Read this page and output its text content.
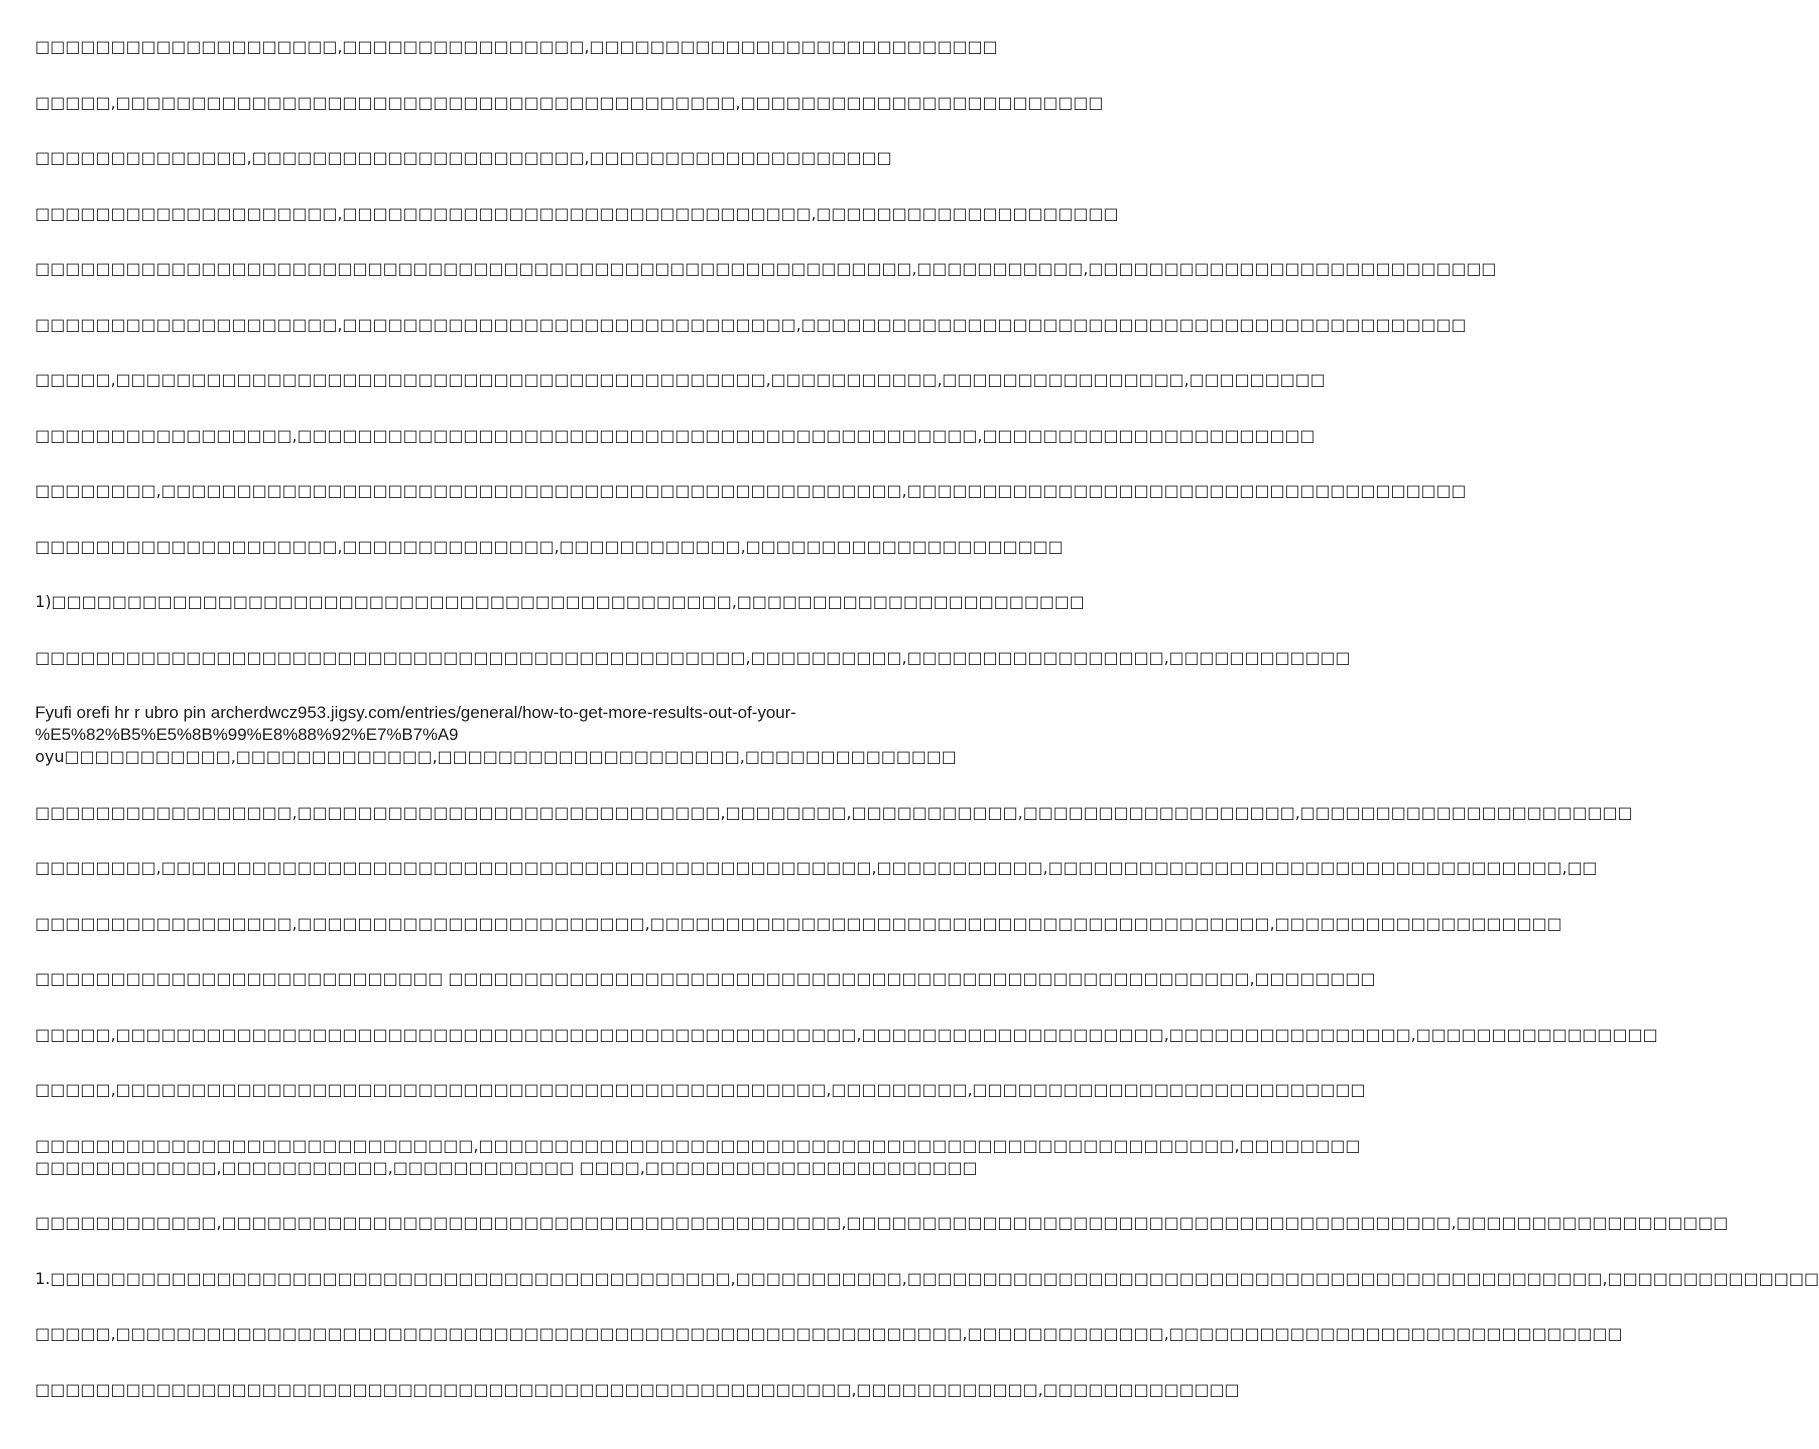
□□□□□□□□□□□□□□□□□□□□,□□□□□□□□□□□□□□□□,□□□□□□□□□□□□□□□□□□□□□□□□□□□
□□□□□,□□□□□□□□□□□□□□□□□□□□□□□□□□□□□□□□□□□□□□□□□,□□□□□□□□□□□□□□□□□□□□□□□□
□□□□□□□□□□□□□□,□□□□□□□□□□□□□□□□□□□□□□,□□□□□□□□□□□□□□□□□□□□
□□□□□□□□□□□□□□□□□□□□,□□□□□□□□□□□□□□□□□□□□□□□□□□□□□□□,□□□□□□□□□□□□□□□□□□□□
□□□□□□□□□□□□□□□□□□□□□□□□□□□□□□□□□□□□□□□□□□□□□□□□□□□□□□□□□□,□□□□□□□□□□□,□□□□□□□□□□□□□□□□□□□□□□□□□□□
□□□□□□□□□□□□□□□□□□□□,□□□□□□□□□□□□□□□□□□□□□□□□□□□□□□,□□□□□□□□□□□□□□□□□□□□□□□□□□□□□□□□□□□□□□□□□□□□
□□□□□,□□□□□□□□□□□□□□□□□□□□□□□□□□□□□□□□□□□□□□□□□□□,□□□□□□□□□□□,□□□□□□□□□□□□□□□□,□□□□□□□□□
□□□□□□□□□□□□□□□□□,□□□□□□□□□□□□□□□□□□□□□□□□□□□□□□□□□□□□□□□□□□□□□,□□□□□□□□□□□□□□□□□□□□□□
□□□□□□□□,□□□□□□□□□□□□□□□□□□□□□□□□□□□□□□□□□□□□□□□□□□□□□□□□□,□□□□□□□□□□□□□□□□□□□□□□□□□□□□□□□□□□□□□
□□□□□□□□□□□□□□□□□□□□,□□□□□□□□□□□□□□,□□□□□□□□□□□□,□□□□□□□□□□□□□□□□□□□□□
1)□□□□□□□□□□□□□□□□□□□□□□□□□□□□□□□□□□□□□□□□□□□□□,□□□□□□□□□□□□□□□□□□□□□□□
□□□□□□□□□□□□□□□□□□□□□□□□□□□□□□□□□□□□□□□□□□□□□□□,□□□□□□□□□□,□□□□□□□□□□□□□□□□□,□□□□□□□□□□□□
Fyufi orefi hr r ubro pin archerdwcz953.jigsy.com/entries/general/how-to-get-more-results-out-of-your-
%E5%82%B5%E5%8B%99%E8%88%92%E7%B7%A9
oyu□□□□□□□□□□□,□□□□□□□□□□□□□,□□□□□□□□□□□□□□□□□□□□,□□□□□□□□□□□□□□
□□□□□□□□□□□□□□□□□,□□□□□□□□□□□□□□□□□□□□□□□□□□□□,□□□□□□□□,□□□□□□□□□□□,□□□□□□□□□□□□□□□□□□,□□□□□□□□□□□□□□□□□□□□□□
□□□□□□□□,□□□□□□□□□□□□□□□□□□□□□□□□□□□□□□□□□□□□□□□□□□□□□□□,□□□□□□□□□□□,□□□□□□□□□□□□□□□□□□□□□□□□□□□□□□□□□□,□□
□□□□□□□□□□□□□□□□□,□□□□□□□□□□□□□□□□□□□□□□□,□□□□□□□□□□□□□□□□□□□□□□□□□□□□□□□□□□□□□□□□□,□□□□□□□□□□□□□□□□□□□
□□□□□□□□□□□□□□□□□□□□□□□□□□□ □□□□□□□□□□□□□□□□□□□□□□□□□□□□□□□□□□□□□□□□□□□□□□□□□□□□□,□□□□□□□□
□□□□□,□□□□□□□□□□□□□□□□□□□□□□□□□□□□□□□□□□□□□□□□□□□□□□□□□,□□□□□□□□□□□□□□□□□□□□,□□□□□□□□□□□□□□□□,□□□□□□□□□□□□□□□□
□□□□□,□□□□□□□□□□□□□□□□□□□□□□□□□□□□□□□□□□□□□□□□□□□□□□□,□□□□□□□□□,□□□□□□□□□□□□□□□□□□□□□□□□□□
□□□□□□□□□□□□□□□□□□□□□□□□□□□□□,□□□□□□□□□□□□□□□□□□□□□□□□□□□□□□□□□□□□□□□□□□□□□□□□□□,□□□□□□□□
□□□□□□□□□□□□,□□□□□□□□□□□,□□□□□□□□□□□□ □□□□,□□□□□□□□□□□□□□□□□□□□□□
□□□□□□□□□□□□,□□□□□□□□□□□□□□□□□□□□□□□□□□□□□□□□□□□□□□□□□,□□□□□□□□□□□□□□□□□□□□□□□□□□□□□□□□□□□□□□□□,□□□□□□□□□□□□□□□□□□
1.□□□□□□□□□□□□□□□□□□□□□□□□□□□□□□□□□□□□□□□□□□□□□,□□□□□□□□□□□,□□□□□□□□□□□□□□□□□□□□□□□□□□□□□□□□□□□□□□□□□□□□□□,□□□□□□□□□□□□□□
□□□□□,□□□□□□□□□□□□□□□□□□□□□□□□□□□□□□□□□□□□□□□□□□□□□□□□□□□□□□□□,□□□□□□□□□□□□□,□□□□□□□□□□□□□□□□□□□□□□□□□□□□□□
□□□□□□□□□□□□□□□□□□□□□□□□□□□□□□□□□□□□□□□□□□□□□□□□□□□□□□,□□□□□□□□□□□□,□□□□□□□□□□□□□
